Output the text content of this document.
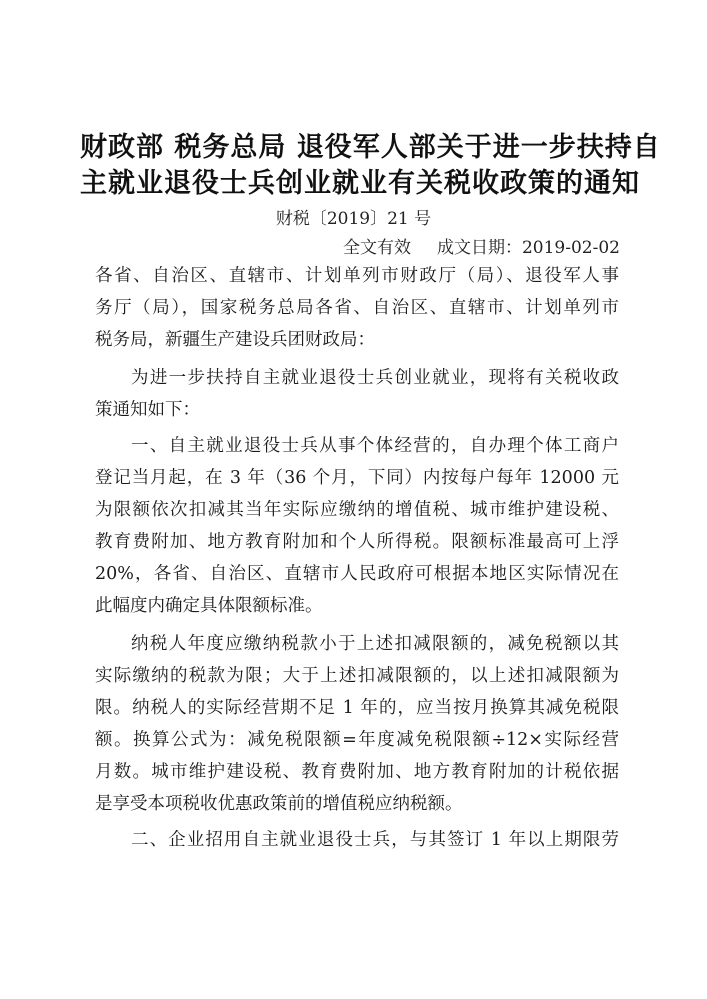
财政部 税务总局 退役军人部关于进一步扶持自
主就业退役士兵创业就业有关税收政策的通知
财税〔2019〕21 号
全文有效 成文日期：2019-02-02
各省、自治区、直辖市、计划单列市财政厅（局）、退役军人事
务厅（局），国家税务总局各省、自治区、直辖市、计划单列市
税务局，新疆生产建设兵团财政局：
为进一步扶持自主就业退役士兵创业就业，现将有关税收政
策通知如下：
一、自主就业退役士兵从事个体经营的，自办理个体工商户
登记当月起，在 3 年（36 个月，下同）内按每户每年 12000 元
为限额依次扣减其当年实际应缴纳的增值税、城市维护建设税、
教育费附加、地方教育附加和个人所得税。限额标准最高可上浮
20%，各省、自治区、直辖市人民政府可根据本地区实际情况在
此幅度内确定具体限额标准。
纳税人年度应缴纳税款小于上述扣减限额的，减免税额以其
实际缴纳的税款为限；大于上述扣减限额的，以上述扣减限额为
限。纳税人的实际经营期不足 1 年的，应当按月换算其减免税限
额。换算公式为：减免税限额=年度减免税限额÷12×实际经营
月数。城市维护建设税、教育费附加、地方教育附加的计税依据
是享受本项税收优惠政策前的增值税应纳税额。
二、企业招用自主就业退役士兵，与其签订 1 年以上期限劳
